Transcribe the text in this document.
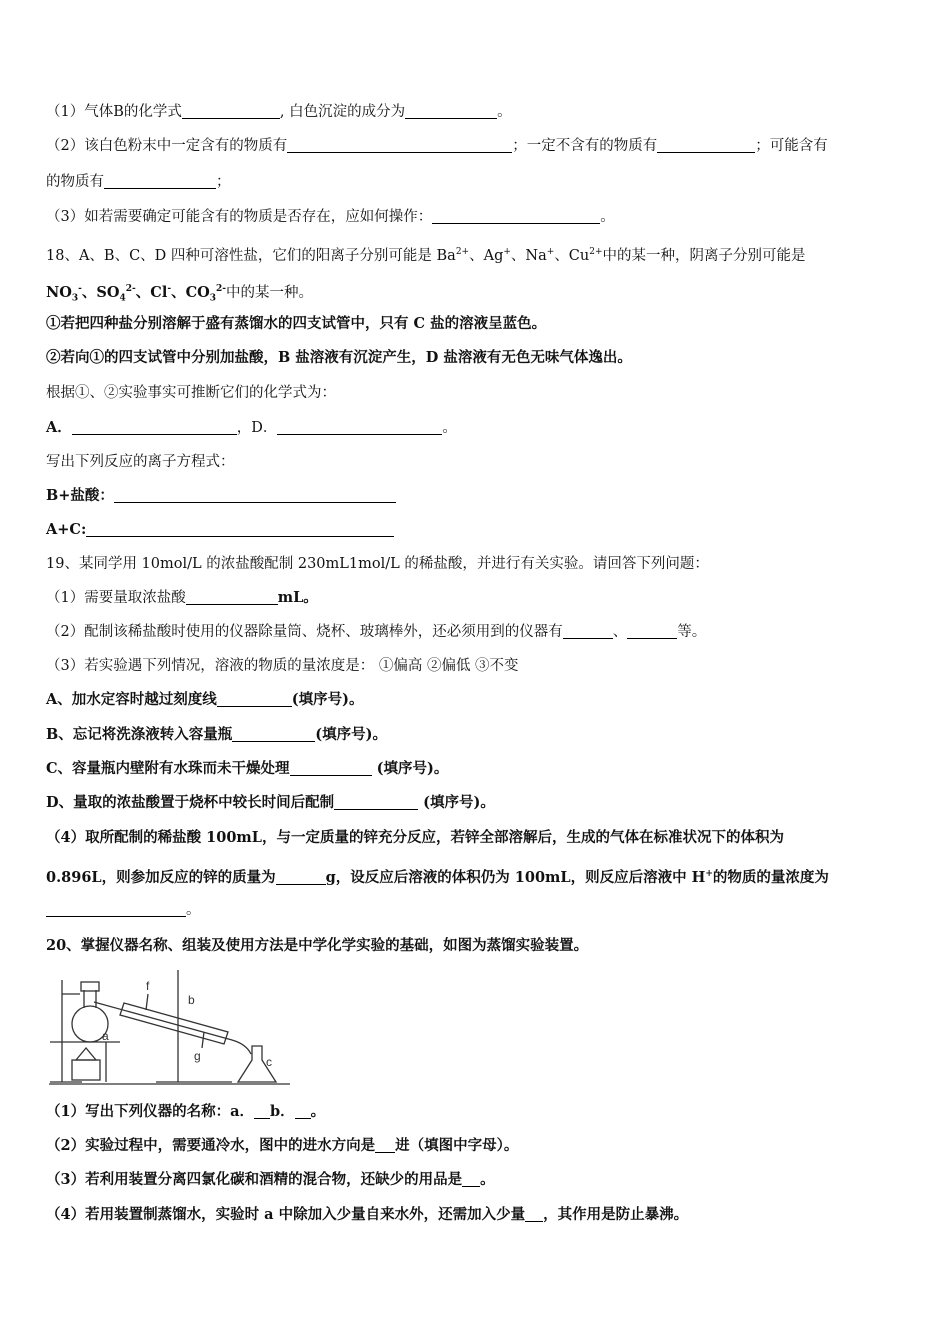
（1）气体B的化学式	, 白色沉淀的成分为	。
（2）该白色粉末中一定含有的物质有	；一定不含有的物质有	；可能含有
的物质有	；
（3）如若需要确定可能含有的物质是否存在，应如何操作：	。
18、A、B、C、D 四种可溶性盐，它们的阳离子分别可能是 $Ba^{2+}$、Ag+、Na+、$Cu^{2+}$中的某一种，阴离子分别可能是
$NO_3^-$、$SO_4^{2-}$、Cl-、$CO_3^{2-}$中的某一种。
①若把四种盐分别溶解于盛有蒸馏水的四支试管中，只有 C 盐的溶液呈蓝色。
②若向①的四支试管中分别加盐酸，B 盐溶液有沉淀产生，D 盐溶液有无色无味气体逸出。
根据①、②实验事实可推断它们的化学式为：
A．	，D．	。
写出下列反应的离子方程式：
B+盐酸：
A+C:
19、某同学用 10mol/L 的浓盐酸配制 230mL1mol/L 的稀盐酸，并进行有关实验。请回答下列问题：
（1）需要量取浓盐酸	mL。
（2）配制该稀盐酸时使用的仪器除量筒、烧杯、玻璃棒外，还必须用到的仪器有	、	等。
（3）若实验遇下列情况，溶液的物质的量浓度是： ①偏高 ②偏低 ③不变
A、加水定容时越过刻度线	(填序号)。
B、忘记将洗涤液转入容量瓶	(填序号)。
C、容量瓶内壁附有水珠而未干燥处理	(填序号)。
D、量取的浓盐酸置于烧杯中较长时间后配制	(填序号)。
（4）取所配制的稀盐酸 100mL，与一定质量的锌充分反应，若锌全部溶解后，生成的气体在标准状况下的体积为
0.896L，则参加反应的锌的质量为	g，设反应后溶液的体积仍为 100mL，则反应后溶液中 H+的物质的量浓度为
。
20、掌握仪器名称、组装及使用方法是中学化学实验的基础，如图为蒸馏实验装置。
a
b
c
f
g
（1）写出下列仪器的名称：a． b． 。
（2）实验过程中，需要通冷水，图中的进水方向是 进（填图中字母）。
（3）若利用装置分离四氯化碳和酒精的混合物，还缺少的用品是 。
（4）若用装置制蒸馏水，实验时 a 中除加入少量自来水外，还需加入少量 ，其作用是防止暴沸。
